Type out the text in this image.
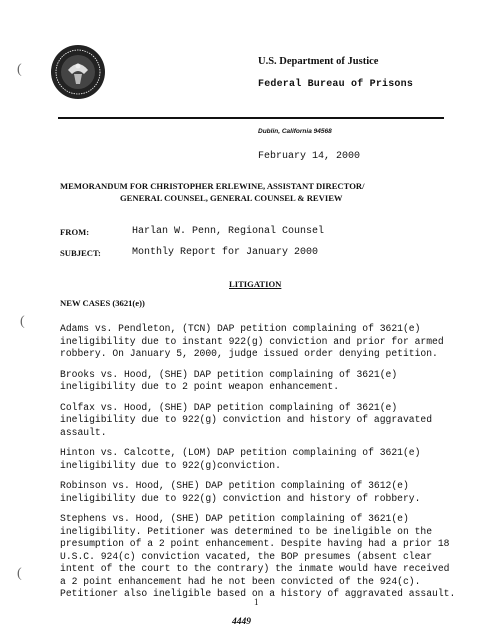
(
(
(
U.S. Department of Justice
Federal Bureau of Prisons
Dublin, California 94568
February 14, 2000
MEMORANDUM FOR CHRISTOPHER ERLEWINE, ASSISTANT DIRECTOR/
GENERAL COUNSEL, GENERAL COUNSEL & REVIEW
FROM:	Harlan W. Penn, Regional Counsel
SUBJECT:	Monthly Report for January 2000
LITIGATION
NEW CASES (3621(e))

Adams vs. Pendleton, (TCN) DAP petition complaining of 3621(e)
ineligibility due to instant 922(g) conviction and prior for armed
robbery. On January 5, 2000, judge issued order denying petition.

Brooks vs. Hood, (SHE) DAP petition complaining of 3621(e)
ineligibility due to 2 point weapon enhancement.

Colfax vs. Hood, (SHE) DAP petition complaining of 3621(e)
ineligibility due to 922(g) conviction and history of aggravated
assault.

Hinton vs. Calcotte, (LOM) DAP petition complaining of 3621(e)
ineligibility due to 922(g)conviction.

Robinson vs. Hood, (SHE) DAP petition complaining of 3612(e)
ineligibility due to 922(g) conviction and history of robbery.

Stephens vs. Hood, (SHE) DAP petition complaining of 3621(e)
ineligibility. Petitioner was determined to be ineligible on the
presumption of a 2 point enhancement. Despite having had a prior 18
U.S.C. 924(c) conviction vacated, the BOP presumes (absent clear
intent of the court to the contrary) the inmate would have received
a 2 point enhancement had he not been convicted of the 924(c).
Petitioner also ineligible based on a history of aggravated assault.

1
4449
